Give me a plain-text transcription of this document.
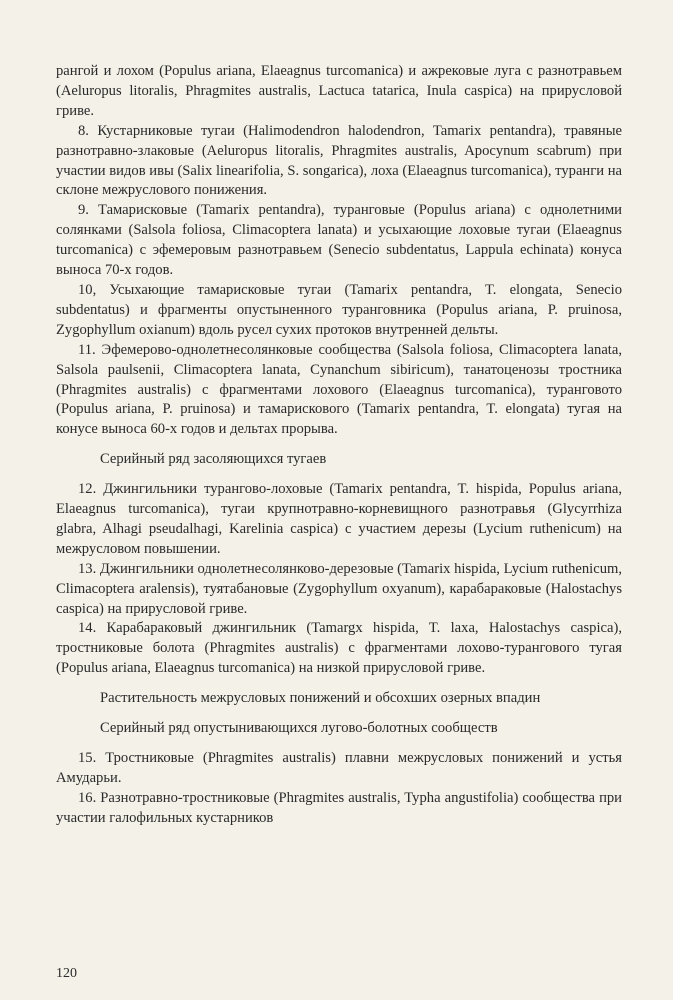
рангой и лохом (Populus ariana, Elaeagnus turcomanica) и ажрековые луга с разнотравьем (Aeluropus litoralis, Phragmites australis, Lactuca tatarica, Inula caspica) на прирусловой гриве.

8. Кустарниковые тугаи (Halimodendron halodendron, Tamarix pentandra), травяные разнотравно-злаковые (Aeluropus litoralis, Phragmites australis, Apocynum scabrum) при участии видов ивы (Salix linearifolia, S. songarica), лоха (Elaeagnus turcomanica), туранги на склоне межруслового понижения.

9. Тамарисковые (Tamarix pentandra), туранговые (Populus ariana) с однолетними солянками (Salsola foliosa, Climacoptera lanata) и усыхающие лоховые тугаи (Elaeagnus turcomanica) с эфемеровым разнотравьем (Senecio subdentatus, Lappula echinata) конуса выноса 70-х годов.

10, Усыхающие тамарисковые тугаи (Tamarix pentandra, T. elongata, Senecio subdentatus) и фрагменты опустыненного туранговника (Populus ariana, P. pruinosa, Zygophyllum oxianum) вдоль русел сухих протоков внутренней дельты.

11. Эфемерово-однолетнесолянковые сообщества (Salsola foliosa, Climacoptera lanata, Salsola paulsenii, Climacoptera lanata, Cynanchum sibiricum), танатоценозы тростника (Phragmites australis) с фрагментами лохового (Elaeagnus turcomanica), туранговото (Populus ariana, P. pruinosa) и тамарискового (Tamarix pentandra, T. elongata) тугая на конусе выноса 60-х годов и дельтах прорыва.

Серийный ряд засоляющихся тугаев

12. Джингильники турангово-лоховые (Tamarix pentandra, T. hispida, Populus ariana, Elaeagnus turcomanica), тугаи крупнотравно-корневищного разнотравья (Glycyrrhiza glabra, Alhagi pseudalhagi, Karelinia caspica) с участием дерезы (Lycium ruthenicum) на межрусловом повышении.

13. Джингильники однолетнесолянково-дерезовые (Tamarix hispida, Lycium ruthenicum, Climacoptera aralensis), туятабановые (Zygophyllum oxyanum), карабараковые (Halostachys caspica) на прирусловой гриве.

14. Карабараковый джингильник (Tamargx hispida, T. laxa, Halostachys caspica), тростниковые болота (Phragmites australis) с фрагментами лохово-турангового тугая (Populus ariana, Elaeagnus turcomanica) на низкой прирусловой гриве.

Растительность межрусловых понижений и обсохших озерных впадин

Серийный ряд опустынивающихся лугово-болотных сообществ

15. Тростниковые (Phragmites australis) плавни межрусловых понижений и устья Амударьи.

16. Разнотравно-тростниковые (Phragmites australis, Typha angustifolia) сообщества при участии галофильных кустарников

120
